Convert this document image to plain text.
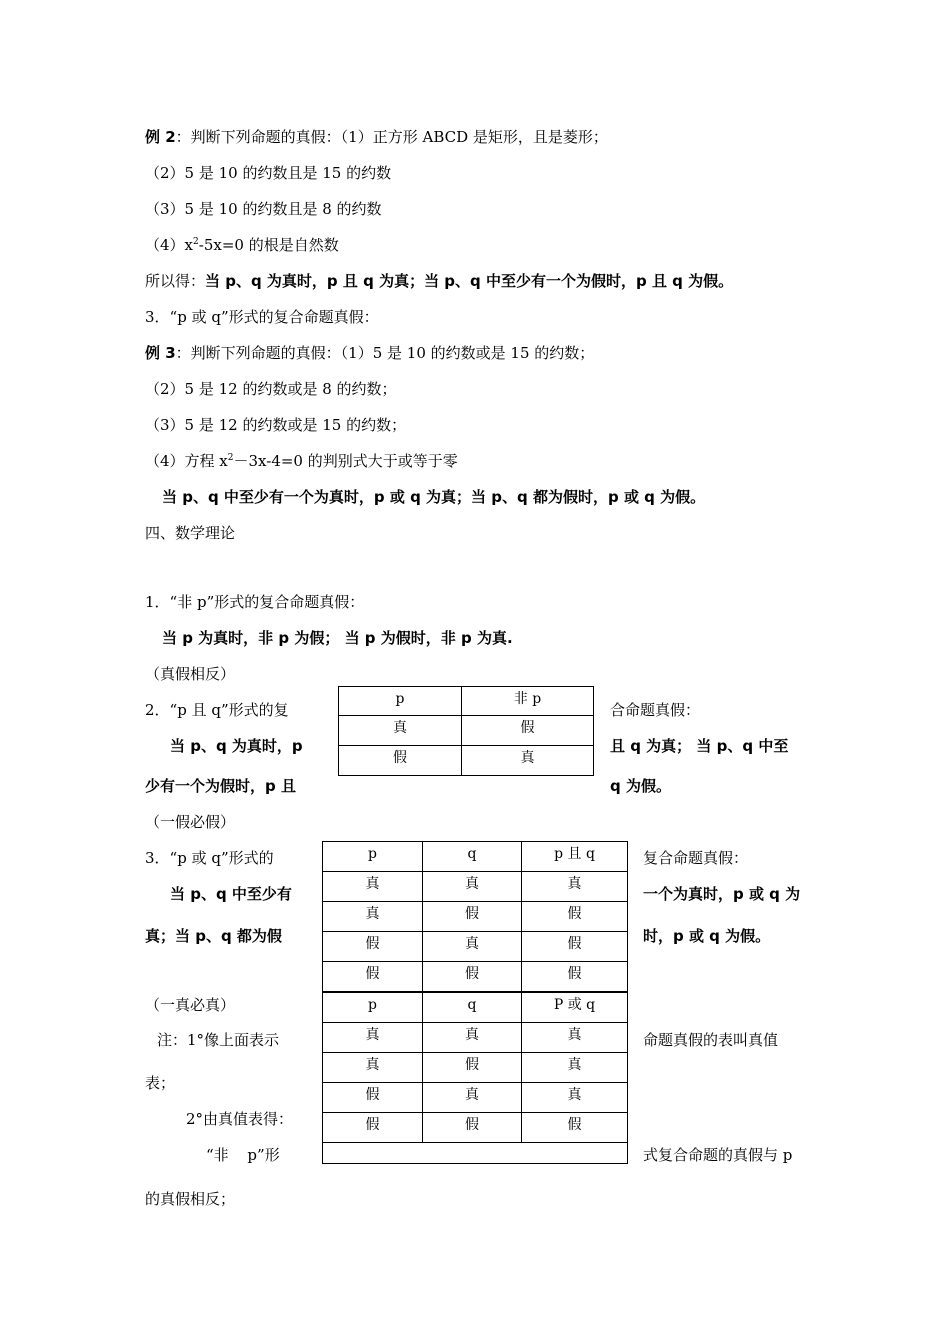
例 2：判断下列命题的真假：（1）正方形 ABCD 是矩形，且是菱形；
（2）5 是 10 的约数且是 15 的约数
（3）5 是 10 的约数且是 8 的约数
$(4)x^2-5x=0$ 的根是自然数
所以得：当 p、q 为真时，p 且 q 为真；当 p、q 中至少有一个为假时，p 且 q 为假。
3．“p 或 q”形式的复合命题真假：
例 3：判断下列命题的真假：（1）5 是 10 的约数或是 15 的约数；
（2）5 是 12 的约数或是 8 的约数；
（3）5 是 12 的约数或是 15 的约数；
（4）方程 $x^2-3x-4=0$ 的判别式大于或等于零
当 p、q 中至少有一个为真时，p 或 q 为真；当 p、q 都为假时，p 或 q 为假。
四、数学理论
1．“非 p”形式的复合命题真假：
当 p 为真时，非 p 为假； 当 p 为假时，非 p 为真.
（真假相反）
2．“p 且 q”形式的复	合命题真假：
当 p、q 为真时，p	且 q 为真； 当 p、q 中至
少有一个为假时，p 且	q 为假。
（一假必假）
p	非 p
真	假
假	真
3．“p 或 q”形式的	复合命题真假：
当 p、q 中至少有	一个为真时，p 或 q 为
真；当 p、q 都为假	时，p 或 q 为假。
（一真必真）
注：1°像上面表示	命题真假的表叫真值
表；
2°由真值表得：
“非 p”形	式复合命题的真假与 p
的真假相反；
p	q	p 且 q
真	真	真
真	假	假
假	真	假
假	假	假
p	q	P 或 q
真	真	真
真	假	真
假	真	真
假	假	假
